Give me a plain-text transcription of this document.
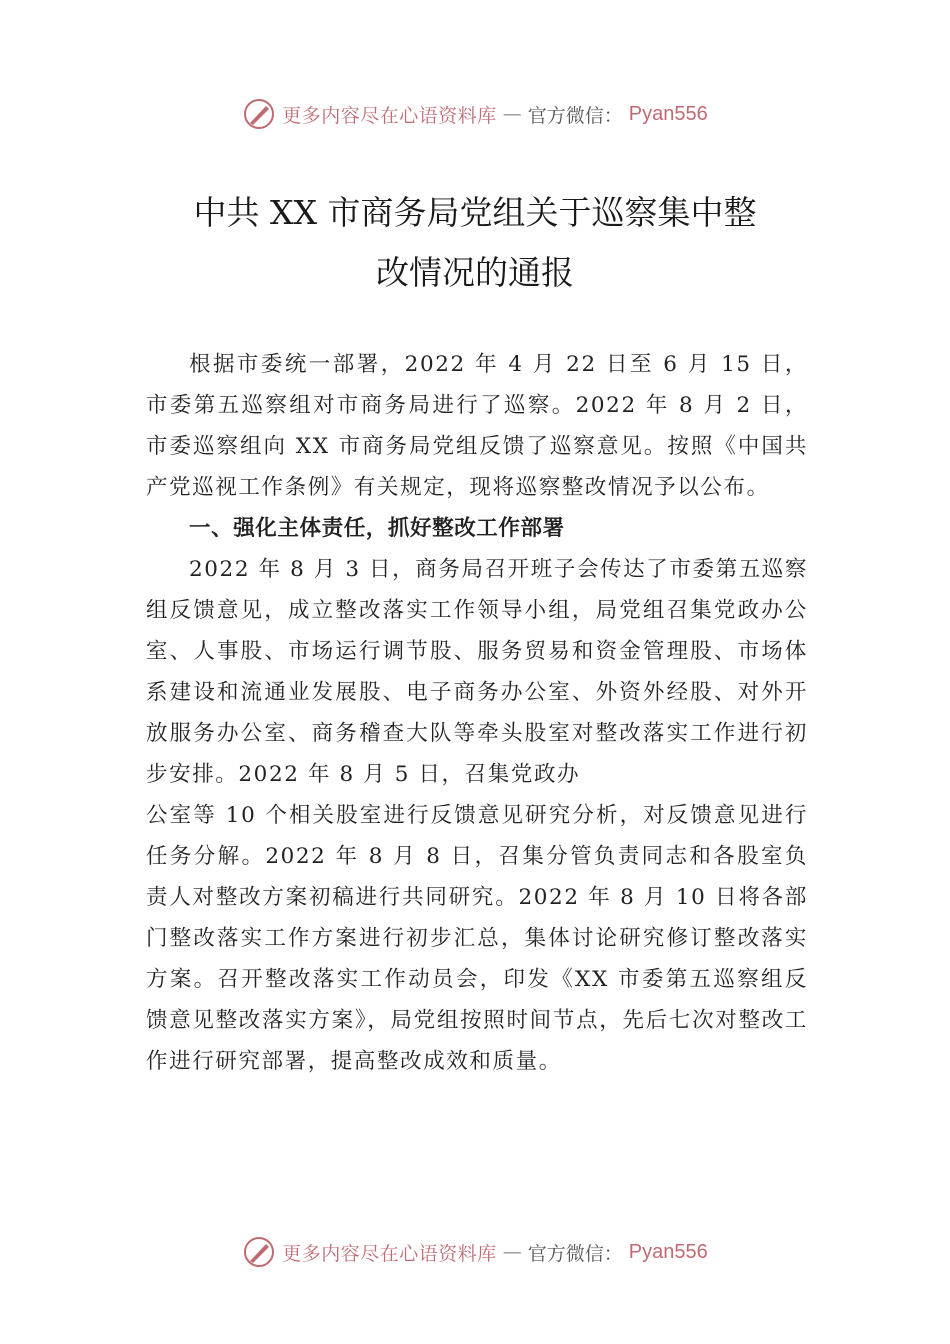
更多内容尽在心语资料库 — 官方微信： Pyan556
中共 XX 市商务局党组关于巡察集中整
改情况的通报

根据市委统一部署，2022 年 4 月 22 日至 6 月 15 日，市委第五巡察组对市商务局进行了巡察。2022 年 8 月 2 日，市委巡察组向 XX 市商务局党组反馈了巡察意见。按照《中国共产党巡视工作条例》有关规定，现将巡察整改情况予以公布。

一、强化主体责任，抓好整改工作部署

2022 年 8 月 3 日，商务局召开班子会传达了市委第五巡察组反馈意见，成立整改落实工作领导小组，局党组召集党政办公室、人事股、市场运行调节股、服务贸易和资金管理股、市场体系建设和流通业发展股、电子商务办公室、外资外经股、对外开放服务办公室、商务稽查大队等牵头股室对整改落实工作进行初步安排。2022 年 8 月 5 日，召集党政办

公室等 10 个相关股室进行反馈意见研究分析，对反馈意见进行任务分解。2022 年 8 月 8 日，召集分管负责同志和各股室负责人对整改方案初稿进行共同研究。2022 年 8 月 10 日将各部门整改落实工作方案进行初步汇总，集体讨论研究修订整改落实方案。召开整改落实工作动员会，印发《XX 市委第五巡察组反馈意见整改落实方案》，局党组按照时间节点，先后七次对整改工作进行研究部署，提高整改成效和质量。

更多内容尽在心语资料库 — 官方微信： Pyan556
